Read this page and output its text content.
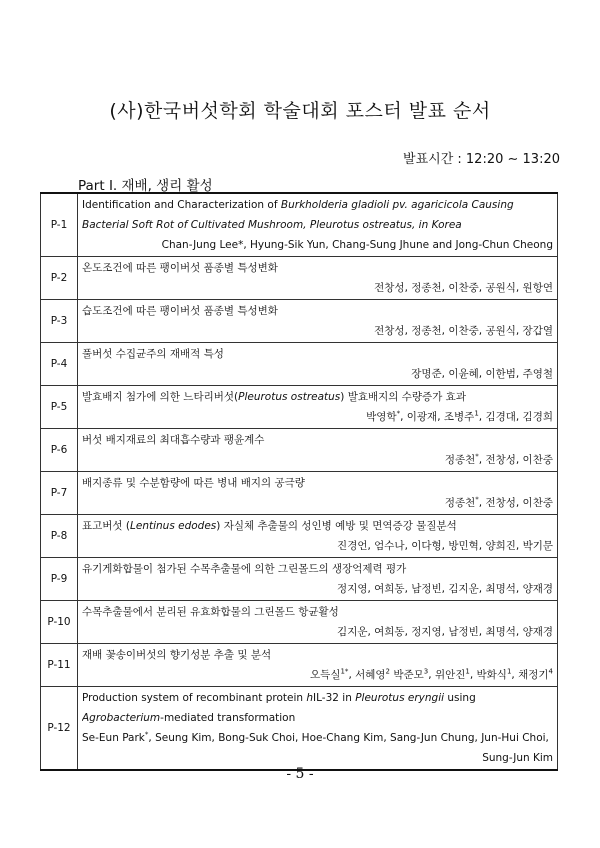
(사)한국버섯학회 학술대회 포스터 발표 순서
발표시간 : 12:20 ∼ 13:20
Part Ⅰ. 재배, 생리 활성
P-1	Identification and Characterization of Burkholderia gladioli pv. agaricicola Causing
Bacterial Soft Rot of Cultivated Mushroom, Pleurotus ostreatus, in Korea
Chan-Jung Lee*, Hyung-Sik Yun, Chang-Sung Jhune and Jong-Chun Cheong

P-2	온도조건에 따른 팽이버섯 품종별 특성변화
전창성, 정종천, 이찬중, 공원식, 원항연

P-3	습도조건에 따른 팽이버섯 품종별 특성변화
전창성, 정종천, 이찬중, 공원식, 장갑열

P-4	풀버섯 수집균주의 재배적 특성
장명준, 이윤혜, 이한범, 주영철

P-5	발효배지 첨가에 의한 느타리버섯(Pleurotus ostreatus) 발효배지의 수량증가 효과
박영학*, 이광재, 조병주$^1$, 김경대, 김경희

P-6	버섯 배지재료의 최대흡수량과 팽윤계수
정종천*, 전창성, 이찬중

P-7	배지종류 및 수분함량에 따른 병내 배지의 공극량
정종천*, 전창성, 이찬중

P-8	표고버섯 (Lentinus edodes) 자실체 추출물의 성인병 예방 및 면역증강 물질분석
진경언, 엄수나, 이다형, 방민혁, 양희진, 박기문

P-9	유기게화합물이 첨가된 수목추출물에 의한 그린몰드의 생장억제력 평가
정지영, 여희동, 남정빈, 김지운, 최명석, 양재경

P-10	수목추출물에서 분리된 유효화합물의 그린몰드 항균활성
김지운, 여희동, 정지영, 남정빈, 최명석, 양재경

P-11	재배 꽃송이버섯의 향기성분 추출 및 분석
오득실$^{1*}$, 서혜영$^2$ 박준모$^3$, 위안진$^1$, 박화식$^1$, 채정기$^4$

P-12	Production system of recombinant protein hIL-32 in Pleurotus eryngii using
Agrobacterium-mediated transformation
Se-Eun Park*, Seung Kim, Bong-Suk Choi, Hoe-Chang Kim, Sang-Jun Chung, Jun-Hui Choi,
Sung-Jun Kim
- 5 -
